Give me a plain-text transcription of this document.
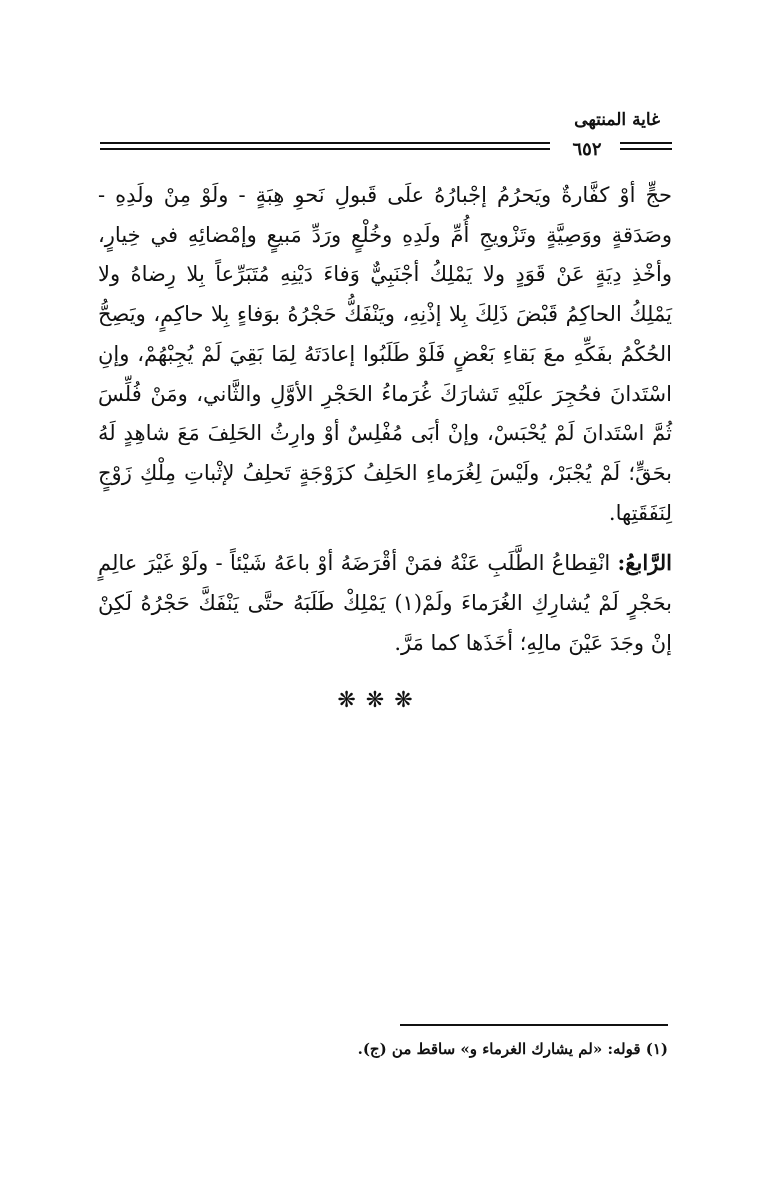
غاية المنتهى
٦٥٢

حجٍّ أوْ كفَّارةٌ ويَحرُمُ إجْبارُهُ علَى قَبولِ نَحوِ هِبَةٍ - ولَوْ مِنْ ولَدِهِ - وصَدَقةٍ ووَصِيَّةٍ وتَزْويجِ أُمِّ ولَدِهِ وخُلْعٍ ورَدِّ مَبيعٍ وإمْضائِهِ في خِيارٍ، وأخْذِ دِيَةٍ عَنْ قَوَدٍ ولا يَمْلِكُ أجْنَبِيٌّ وَفاءَ دَيْنِهِ مُتَبَرِّعاً بِلا رِضاهُ ولا يَمْلِكُ الحاكِمُ قَبْضَ ذَلِكَ بِلا إذْنِهِ، ويَنْفَكُّ حَجْرُهُ بوَفاءٍ بِلا حاكِمٍ، ويَصِحُّ الحُكْمُ بفَكِّهِ معَ بَقاءِ بَعْضٍ فَلَوْ طَلَبُوا إعادَتَهُ لِمَا بَقِيَ لَمْ يُجِبْهُمْ، وإنِ اسْتَدانَ فحُجِرَ علَيْهِ تَشارَكَ غُرَماءُ الحَجْرِ الأوَّلِ والثَّاني، ومَنْ فُلِّسَ ثُمَّ اسْتَدانَ لَمْ يُحْبَسْ، وإنْ أبَى مُفْلِسٌ أوْ وارِثُ الحَلِفَ مَعَ شاهِدٍ لَهُ بحَقٍّ؛ لَمْ يُجْبَرْ، ولَيْسَ لِغُرَماءِ الحَلِفُ كزَوْجَةٍ تَحلِفُ لإثْباتِ مِلْكِ زَوْجٍ لِنَفَقَتِها.

الرَّابعُ: انْقِطاعُ الطَّلَبِ عَنْهُ فمَنْ أقْرَضَهُ أوْ باعَهُ شَيْئاً - ولَوْ غَيْرَ عالِمٍ بحَجْرٍ لَمْ يُشارِكِ الغُرَماءَ ولَمْ(١) يَمْلِكْ طَلَبَهُ حتَّى يَنْفَكَّ حَجْرُهُ لَكِنْ إنْ وجَدَ عَيْنَ مالِهِ؛ أخَذَها كما مَرَّ.

❋❋❋
(١) قوله: «لم يشارك الغرماء و» ساقط من (ج).
